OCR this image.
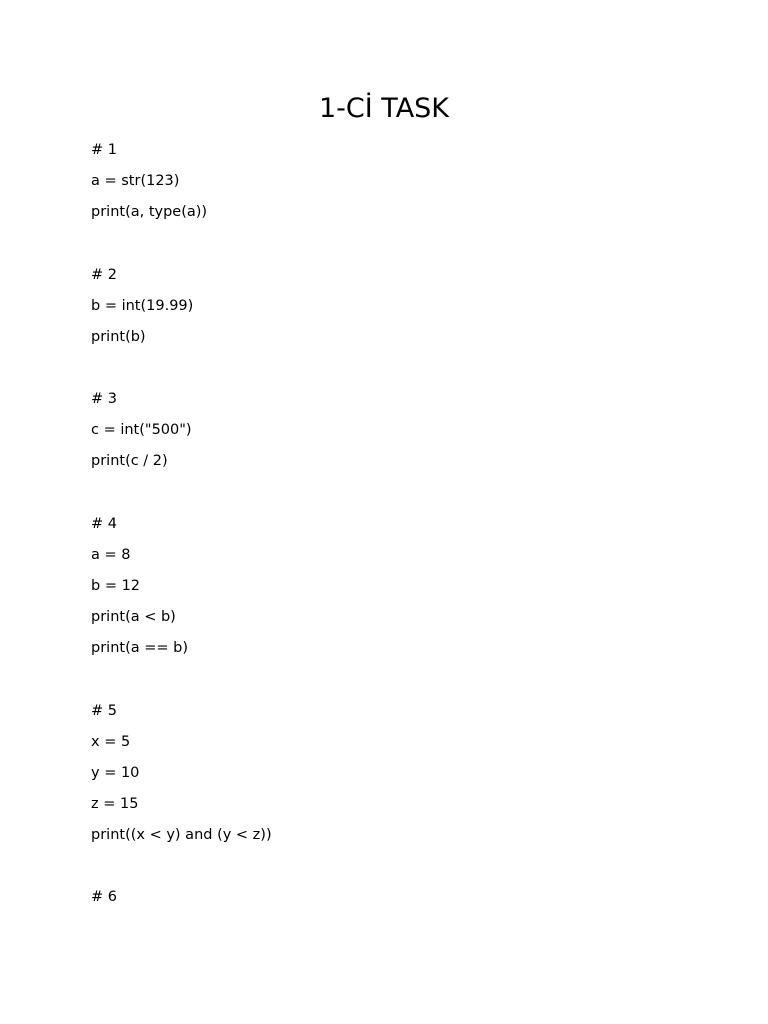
1-Cİ TASK
# 1
a = str(123)
print(a, type(a))
# 2
b = int(19.99)
print(b)
# 3
c = int("500")
print(c / 2)
# 4
a = 8
b = 12
print(a < b)
print(a == b)
# 5
x = 5
y = 10
z = 15
print((x < y) and (y < z))
# 6
